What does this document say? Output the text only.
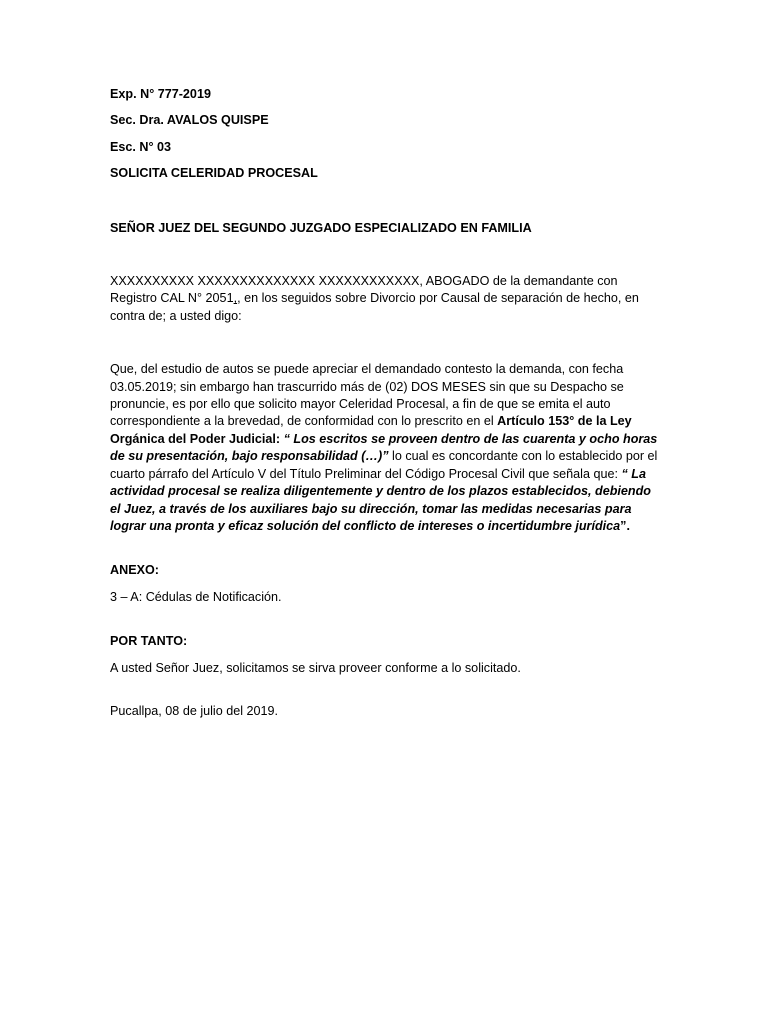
Exp. N° 777-2019

Sec. Dra. AVALOS QUISPE

Esc. N° 03

SOLICITA CELERIDAD PROCESAL

SEÑOR JUEZ DEL SEGUNDO JUZGADO ESPECIALIZADO EN FAMILIA

XXXXXXXXXX XXXXXXXXXXXXXX XXXXXXXXXXXX, ABOGADO de la demandante con Registro CAL N° 2051,, en los seguidos sobre Divorcio por Causal de separación de hecho, en contra de; a usted digo:

Que, del estudio de autos se puede apreciar el demandado contesto la demanda, con fecha 03.05.2019; sin embargo han trascurrido más de (02) DOS MESES sin que su Despacho se pronuncie, es por ello que solicito mayor Celeridad Procesal, a fin de que se emita el auto correspondiente a la brevedad, de conformidad con lo prescrito en el Artículo 153° de la Ley Orgánica del Poder Judicial: “ Los escritos se proveen dentro de las cuarenta y ocho horas de su presentación, bajo responsabilidad (…)” lo cual es concordante con lo establecido por el cuarto párrafo del Artículo V del Título Preliminar del Código Procesal Civil que señala que: “ La actividad procesal se realiza diligentemente y dentro de los plazos establecidos, debiendo el Juez, a través de los auxiliares bajo su dirección, tomar las medidas necesarias para lograr una pronta y eficaz solución del conflicto de intereses o incertidumbre jurídica”.

ANEXO:

3 – A: Cédulas de Notificación.

POR TANTO:

A usted Señor Juez, solicitamos se sirva proveer conforme a lo solicitado.

Pucallpa, 08 de julio del 2019.
